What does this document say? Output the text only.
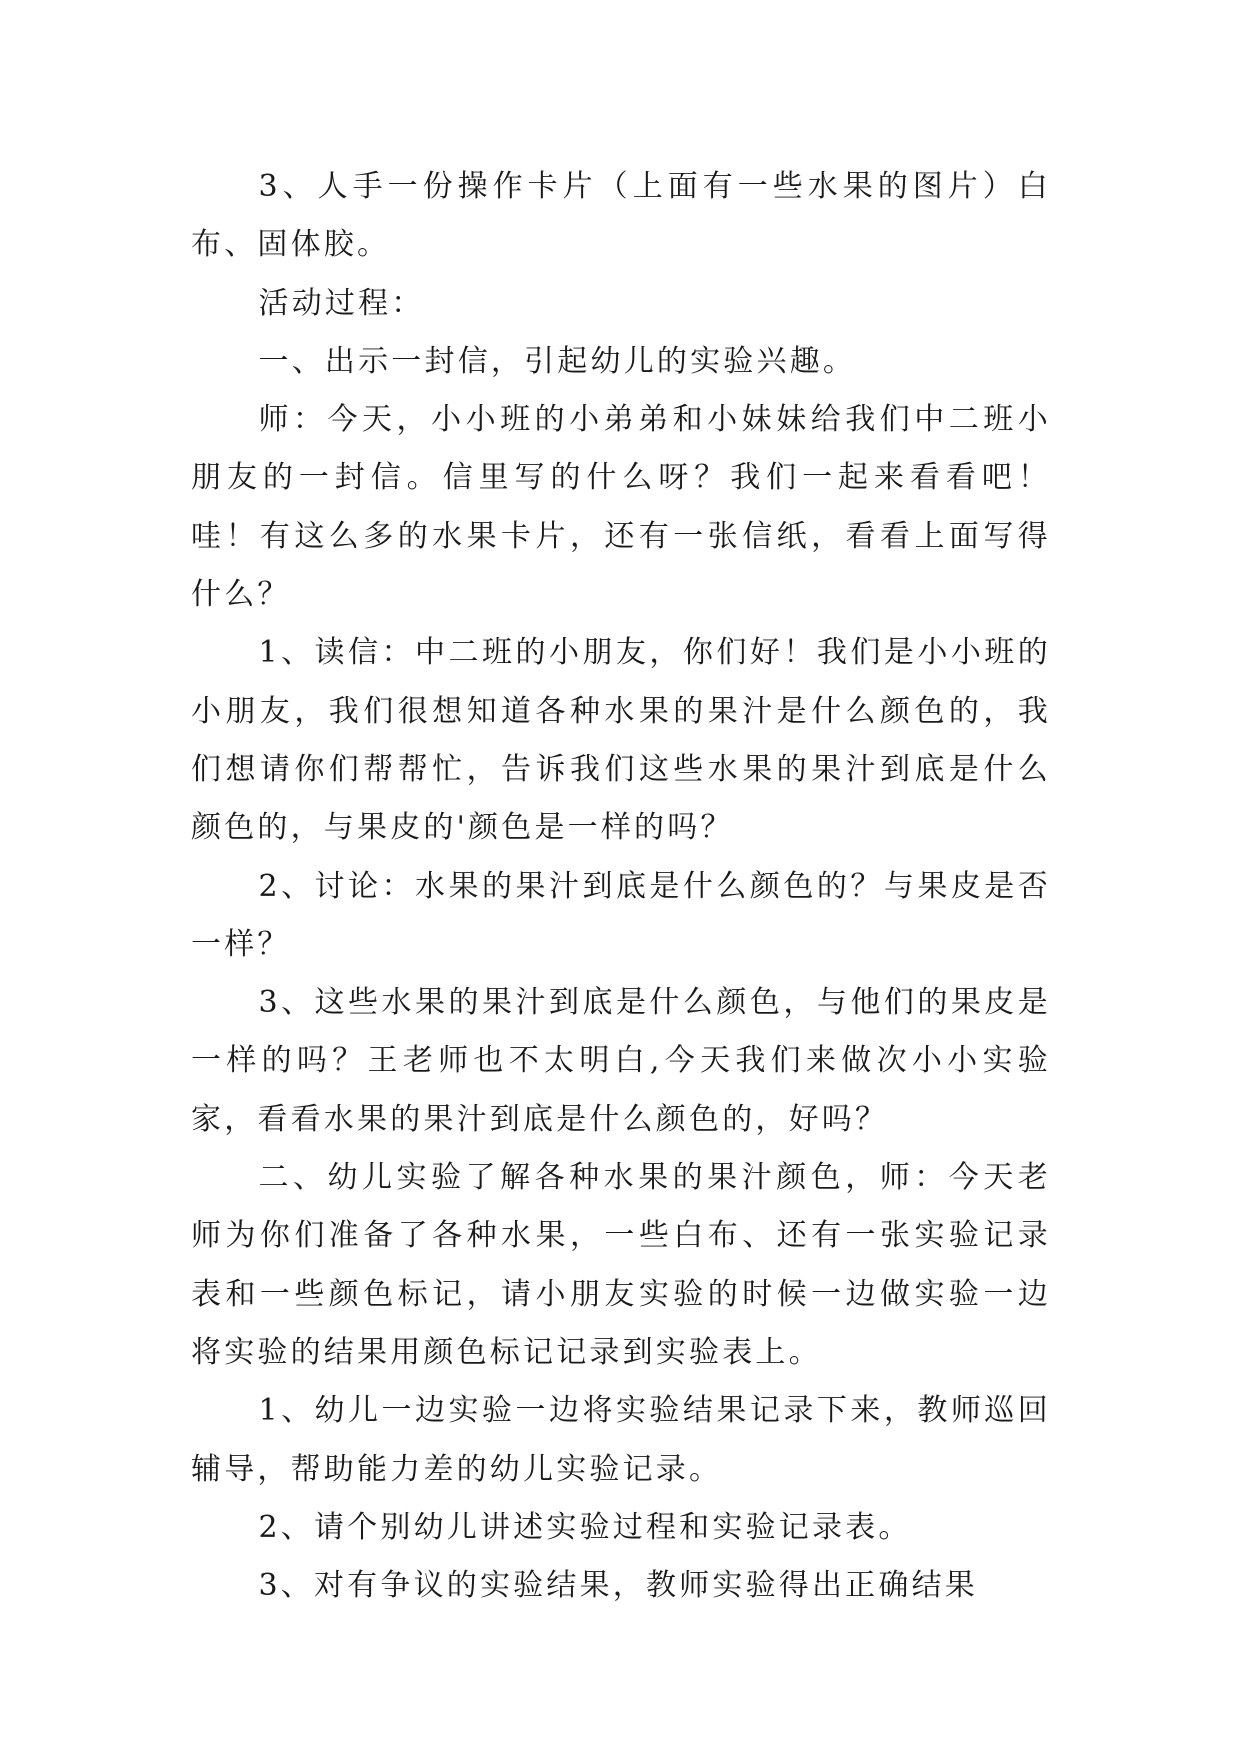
3、人手一份操作卡片（上面有一些水果的图片）白布、固体胶。

活动过程：

一、出示一封信，引起幼儿的实验兴趣。

师：今天，小小班的小弟弟和小妹妹给我们中二班小朋友的一封信。信里写的什么呀？我们一起来看看吧！哇！有这么多的水果卡片，还有一张信纸，看看上面写得什么？

1、读信：中二班的小朋友，你们好！我们是小小班的小朋友，我们很想知道各种水果的果汁是什么颜色的，我们想请你们帮帮忙，告诉我们这些水果的果汁到底是什么颜色的，与果皮的'颜色是一样的吗？

2、讨论：水果的果汁到底是什么颜色的？与果皮是否一样？

3、这些水果的果汁到底是什么颜色，与他们的果皮是一样的吗？王老师也不太明白,今天我们来做次小小实验家，看看水果的果汁到底是什么颜色的，好吗？

二、幼儿实验了解各种水果的果汁颜色，师：今天老师为你们准备了各种水果，一些白布、还有一张实验记录表和一些颜色标记，请小朋友实验的时候一边做实验一边将实验的结果用颜色标记记录到实验表上。

1、幼儿一边实验一边将实验结果记录下来，教师巡回辅导，帮助能力差的幼儿实验记录。

2、请个别幼儿讲述实验过程和实验记录表。

3、对有争议的实验结果，教师实验得出正确结果
